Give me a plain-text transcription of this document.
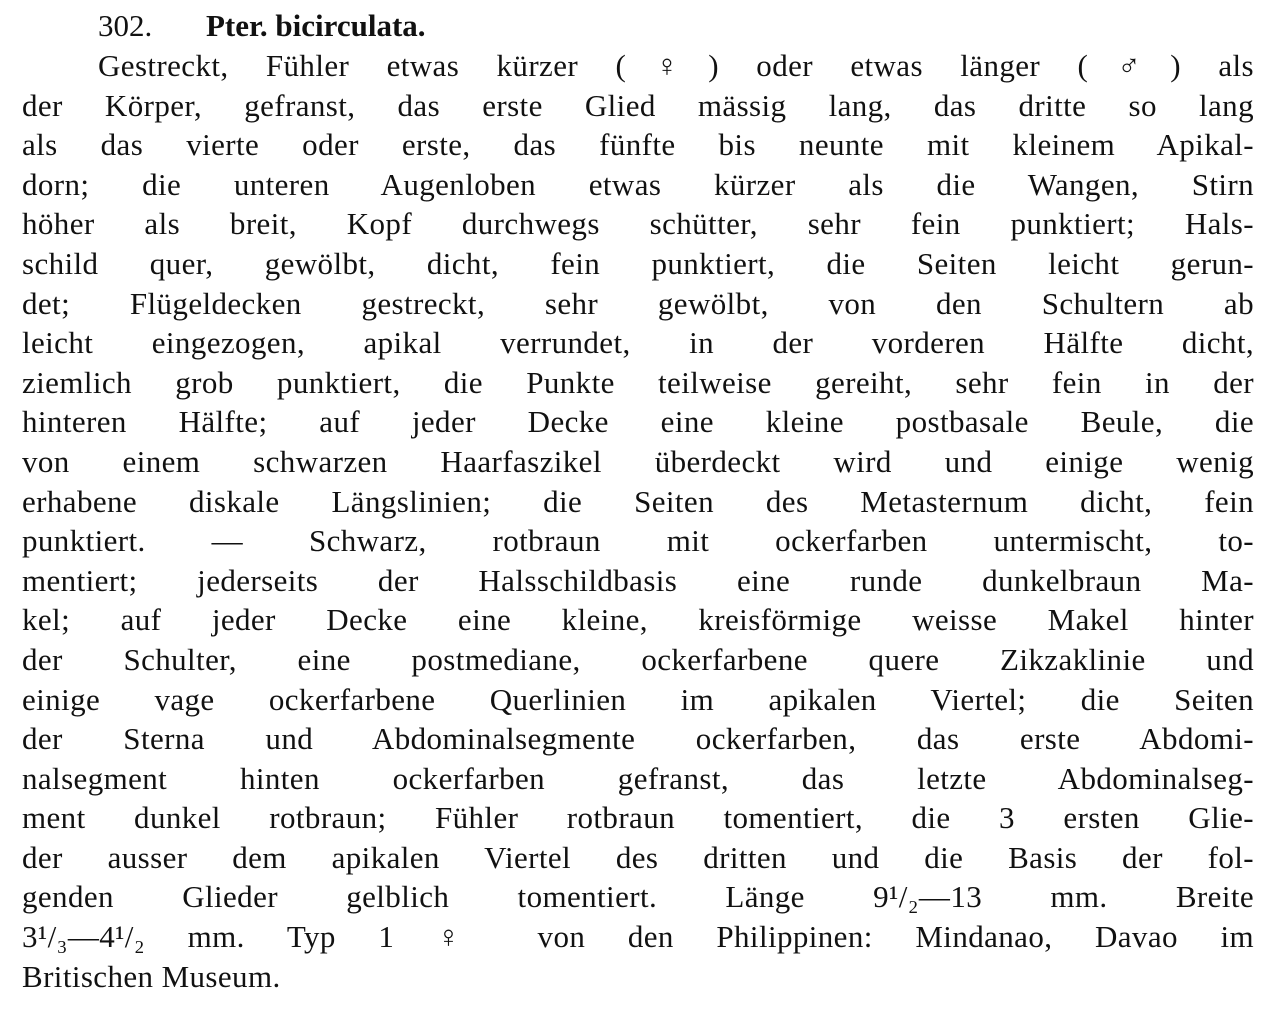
302. Pter. bicirculata.
Gestreckt, Fühler etwas kürzer (♀) oder etwas länger (♂) als
der Körper, gefranst, das erste Glied mässig lang, das dritte so lang
als das vierte oder erste, das fünfte bis neunte mit kleinem Apikal-
dorn; die unteren Augenloben etwas kürzer als die Wangen, Stirn
höher als breit, Kopf durchwegs schütter, sehr fein punktiert; Hals-
schild quer, gewölbt, dicht, fein punktiert, die Seiten leicht gerun-
det; Flügeldecken gestreckt, sehr gewölbt, von den Schultern ab
leicht eingezogen, apikal verrundet, in der vorderen Hälfte dicht,
ziemlich grob punktiert, die Punkte teilweise gereiht, sehr fein in der
hinteren Hälfte; auf jeder Decke eine kleine postbasale Beule, die
von einem schwarzen Haarfaszikel überdeckt wird und einige wenig
erhabene diskale Längslinien; die Seiten des Metasternum dicht, fein
punktiert. — Schwarz, rotbraun mit ockerfarben untermischt, to-
mentiert; jederseits der Halsschildbasis eine runde dunkelbraun Ma-
kel; auf jeder Decke eine kleine, kreisförmige weisse Makel hinter
der Schulter, eine postmediane, ockerfarbene quere Zikzaklinie und
einige vage ockerfarbene Querlinien im apikalen Viertel; die Seiten
der Sterna und Abdominalsegmente ockerfarben, das erste Abdomi-
nalsegment hinten ockerfarben gefranst, das letzte Abdominalseg-
ment dunkel rotbraun; Fühler rotbraun tomentiert, die 3 ersten Glie-
der ausser dem apikalen Viertel des dritten und die Basis der fol-
genden Glieder gelblich tomentiert. Länge 9¹/₂—13 mm. Breite
3¹/₃—4¹/₂ mm. Typ 1 ♀ von den Philippinen: Mindanao, Davao im
Britischen Museum.
